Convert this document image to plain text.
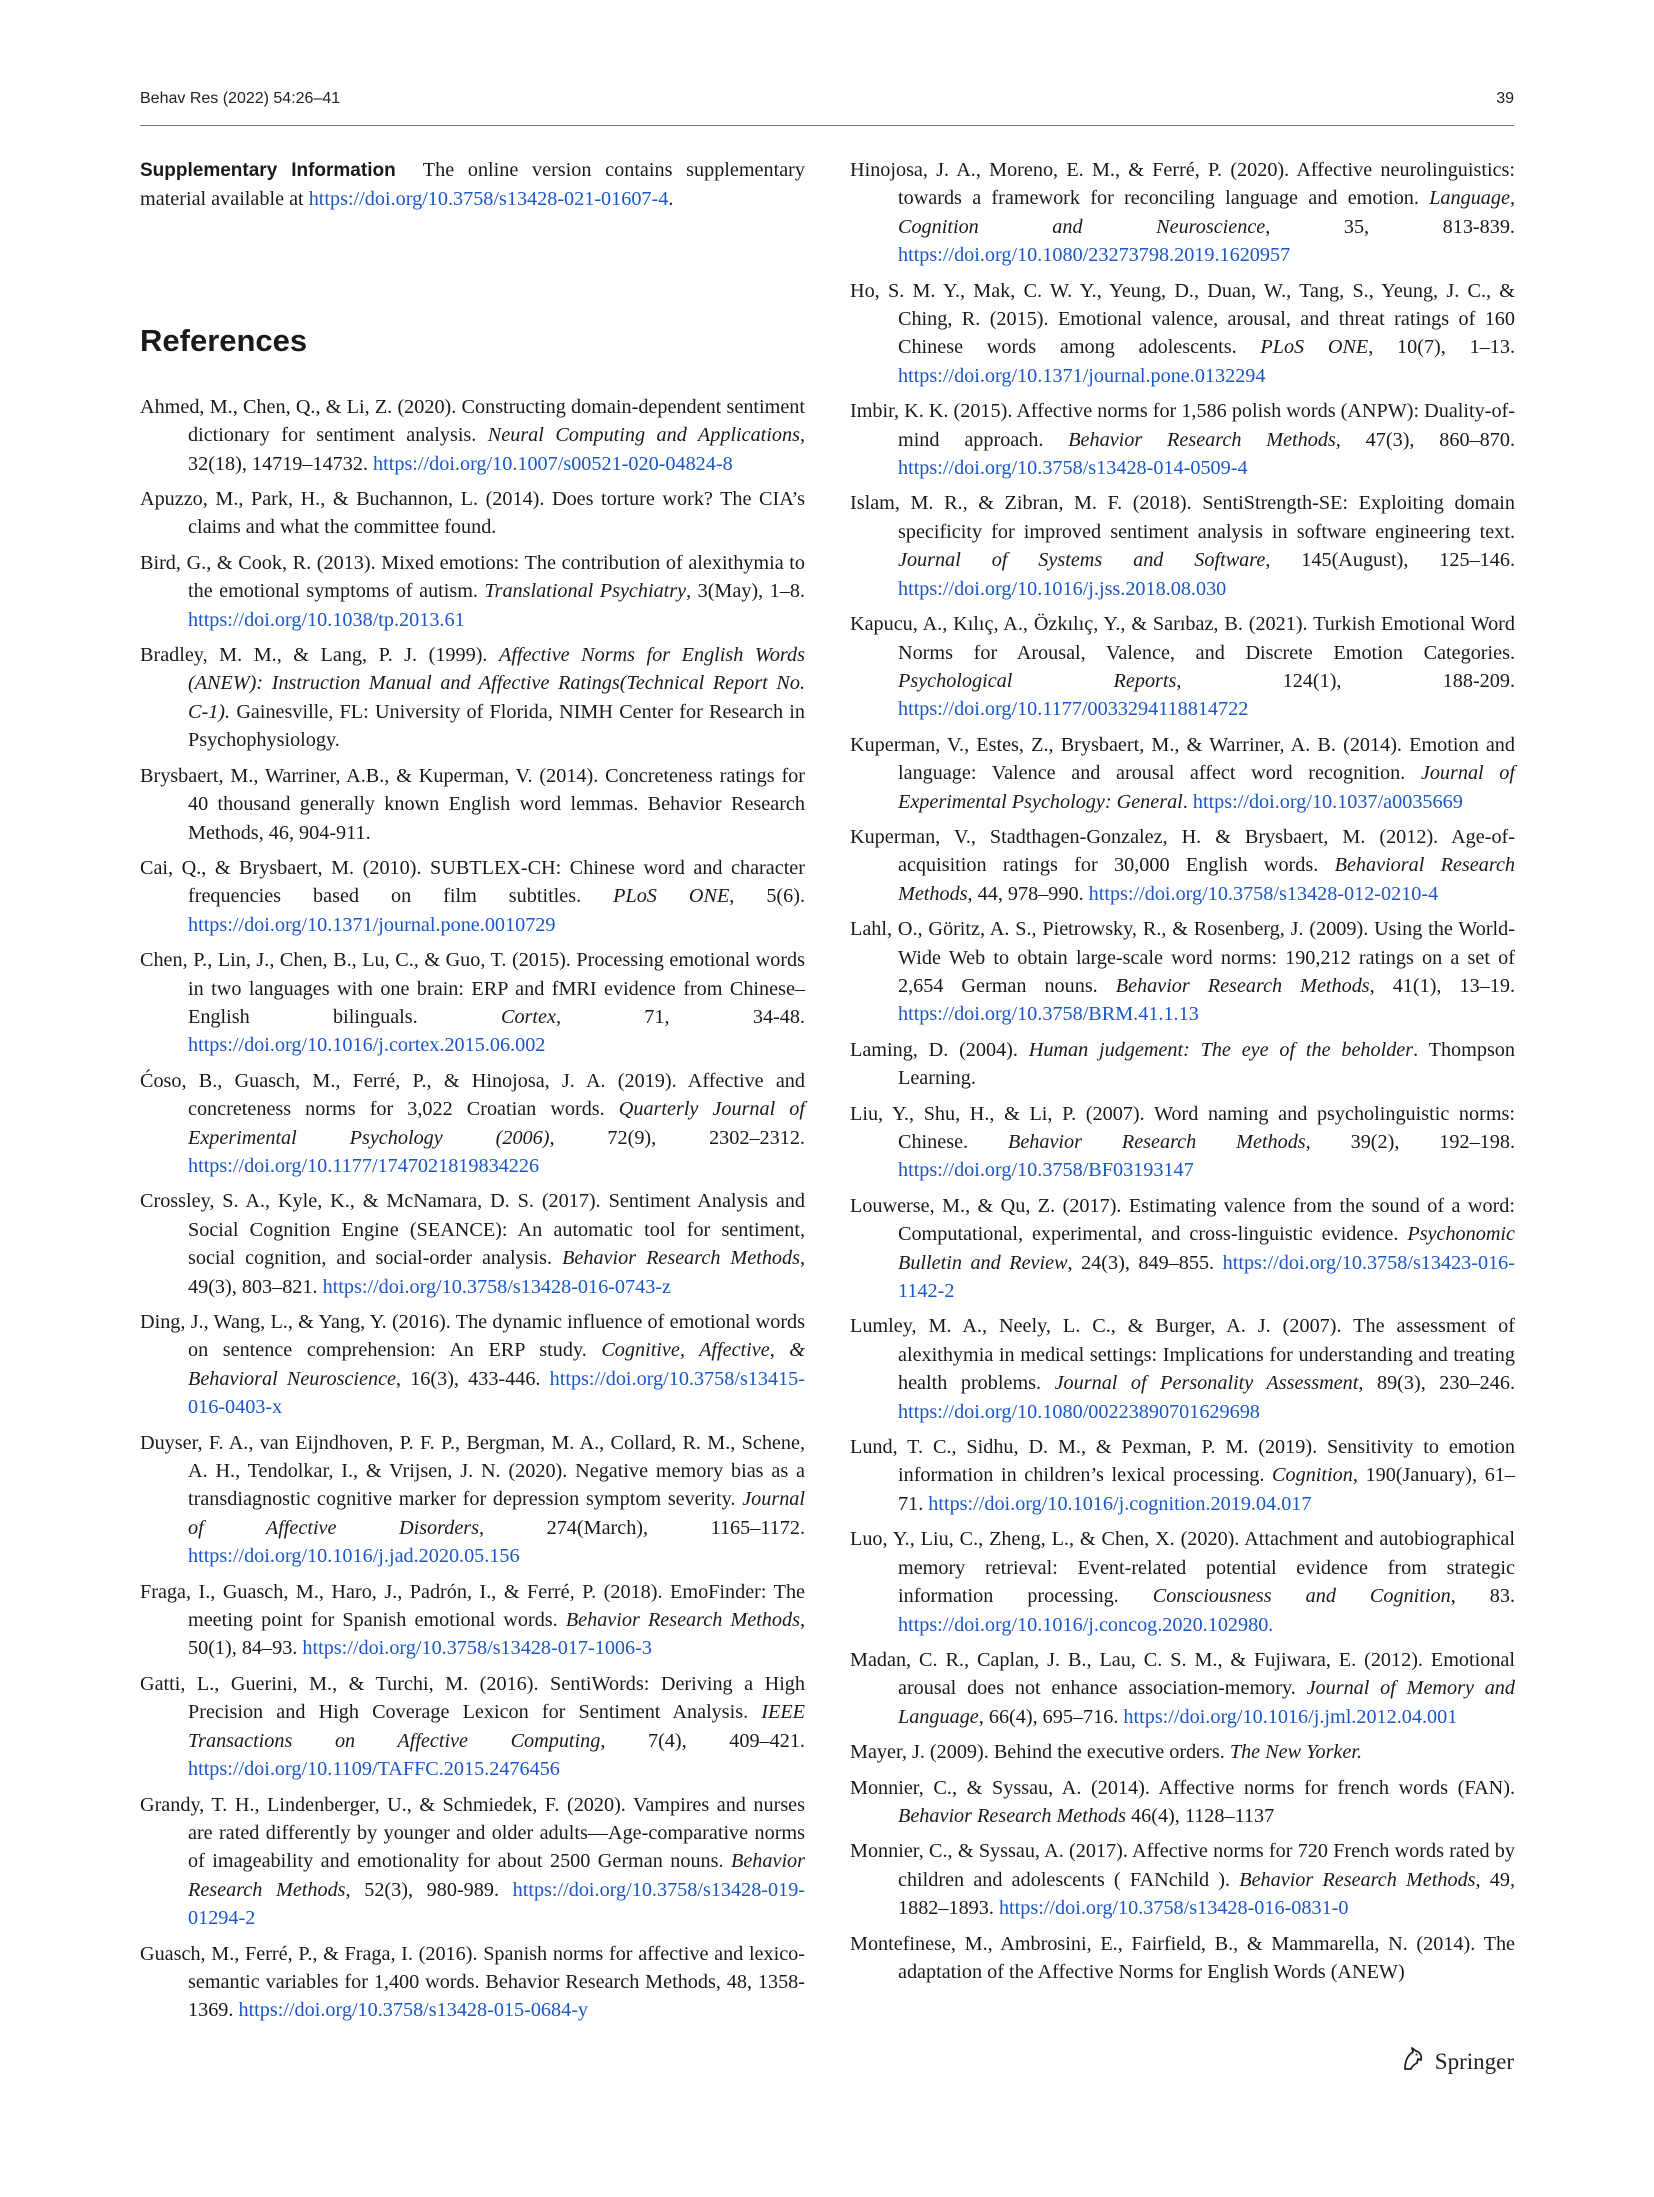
Behav Res (2022) 54:26–41	39

Supplementary Information The online version contains supplementary material available at https://doi.org/10.3758/s13428-021-01607-4.

References

Ahmed, M., Chen, Q., & Li, Z. (2020). Constructing domain-dependent sentiment dictionary for sentiment analysis. Neural Computing and Applications, 32(18), 14719–14732. https://doi.org/10.1007/s00521-020-04824-8

Apuzzo, M., Park, H., & Buchannon, L. (2014). Does torture work? The CIA’s claims and what the committee found.

Bird, G., & Cook, R. (2013). Mixed emotions: The contribution of alexithymia to the emotional symptoms of autism. Translational Psychiatry, 3(May), 1–8. https://doi.org/10.1038/tp.2013.61

Bradley, M. M., & Lang, P. J. (1999). Affective Norms for English Words (ANEW): Instruction Manual and Affective Ratings(Technical Report No. C-1). Gainesville, FL: University of Florida, NIMH Center for Research in Psychophysiology.

Brysbaert, M., Warriner, A.B., & Kuperman, V. (2014). Concreteness ratings for 40 thousand generally known English word lemmas. Behavior Research Methods, 46, 904-911.

Cai, Q., & Brysbaert, M. (2010). SUBTLEX-CH: Chinese word and character frequencies based on film subtitles. PLoS ONE, 5(6). https://doi.org/10.1371/journal.pone.0010729

Chen, P., Lin, J., Chen, B., Lu, C., & Guo, T. (2015). Processing emotional words in two languages with one brain: ERP and fMRI evidence from Chinese–English bilinguals. Cortex, 71, 34-48. https://doi.org/10.1016/j.cortex.2015.06.002

Ćoso, B., Guasch, M., Ferré, P., & Hinojosa, J. A. (2019). Affective and concreteness norms for 3,022 Croatian words. Quarterly Journal of Experimental Psychology (2006), 72(9), 2302–2312. https://doi.org/10.1177/1747021819834226

Crossley, S. A., Kyle, K., & McNamara, D. S. (2017). Sentiment Analysis and Social Cognition Engine (SEANCE): An automatic tool for sentiment, social cognition, and social-order analysis. Behavior Research Methods, 49(3), 803–821. https://doi.org/10.3758/s13428-016-0743-z

Ding, J., Wang, L., & Yang, Y. (2016). The dynamic influence of emotional words on sentence comprehension: An ERP study. Cognitive, Affective, & Behavioral Neuroscience, 16(3), 433-446. https://doi.org/10.3758/s13415-016-0403-x

Duyser, F. A., van Eijndhoven, P. F. P., Bergman, M. A., Collard, R. M., Schene, A. H., Tendolkar, I., & Vrijsen, J. N. (2020). Negative memory bias as a transdiagnostic cognitive marker for depression symptom severity. Journal of Affective Disorders, 274(March), 1165–1172. https://doi.org/10.1016/j.jad.2020.05.156

Fraga, I., Guasch, M., Haro, J., Padrón, I., & Ferré, P. (2018). EmoFinder: The meeting point for Spanish emotional words. Behavior Research Methods, 50(1), 84–93. https://doi.org/10.3758/s13428-017-1006-3

Gatti, L., Guerini, M., & Turchi, M. (2016). SentiWords: Deriving a High Precision and High Coverage Lexicon for Sentiment Analysis. IEEE Transactions on Affective Computing, 7(4), 409–421. https://doi.org/10.1109/TAFFC.2015.2476456

Grandy, T. H., Lindenberger, U., & Schmiedek, F. (2020). Vampires and nurses are rated differently by younger and older adults—Age-comparative norms of imageability and emotionality for about 2500 German nouns. Behavior Research Methods, 52(3), 980-989. https://doi.org/10.3758/s13428-019-01294-2

Guasch, M., Ferré, P., & Fraga, I. (2016). Spanish norms for affective and lexico-semantic variables for 1,400 words. Behavior Research Methods, 48, 1358-1369. https://doi.org/10.3758/s13428-015-0684-y

Hinojosa, J. A., Moreno, E. M., & Ferré, P. (2020). Affective neurolinguistics: towards a framework for reconciling language and emotion. Language, Cognition and Neuroscience, 35, 813-839. https://doi.org/10.1080/23273798.2019.1620957

Ho, S. M. Y., Mak, C. W. Y., Yeung, D., Duan, W., Tang, S., Yeung, J. C., & Ching, R. (2015). Emotional valence, arousal, and threat ratings of 160 Chinese words among adolescents. PLoS ONE, 10(7), 1–13. https://doi.org/10.1371/journal.pone.0132294

Imbir, K. K. (2015). Affective norms for 1,586 polish words (ANPW): Duality-of-mind approach. Behavior Research Methods, 47(3), 860–870. https://doi.org/10.3758/s13428-014-0509-4

Islam, M. R., & Zibran, M. F. (2018). SentiStrength-SE: Exploiting domain specificity for improved sentiment analysis in software engineering text. Journal of Systems and Software, 145(August), 125–146. https://doi.org/10.1016/j.jss.2018.08.030

Kapucu, A., Kılıç, A., Özkılıç, Y., & Sarıbaz, B. (2021). Turkish Emotional Word Norms for Arousal, Valence, and Discrete Emotion Categories. Psychological Reports, 124(1), 188-209. https://doi.org/10.1177/0033294118814722

Kuperman, V., Estes, Z., Brysbaert, M., & Warriner, A. B. (2014). Emotion and language: Valence and arousal affect word recognition. Journal of Experimental Psychology: General. https://doi.org/10.1037/a0035669

Kuperman, V., Stadthagen-Gonzalez, H. & Brysbaert, M. (2012). Age-of-acquisition ratings for 30,000 English words. Behavioral Research Methods, 44, 978–990. https://doi.org/10.3758/s13428-012-0210-4

Lahl, O., Göritz, A. S., Pietrowsky, R., & Rosenberg, J. (2009). Using the World-Wide Web to obtain large-scale word norms: 190,212 ratings on a set of 2,654 German nouns. Behavior Research Methods, 41(1), 13–19. https://doi.org/10.3758/BRM.41.1.13

Laming, D. (2004). Human judgement: The eye of the beholder. Thompson Learning.

Liu, Y., Shu, H., & Li, P. (2007). Word naming and psycholinguistic norms: Chinese. Behavior Research Methods, 39(2), 192–198. https://doi.org/10.3758/BF03193147

Louwerse, M., & Qu, Z. (2017). Estimating valence from the sound of a word: Computational, experimental, and cross-linguistic evidence. Psychonomic Bulletin and Review, 24(3), 849–855. https://doi.org/10.3758/s13423-016-1142-2

Lumley, M. A., Neely, L. C., & Burger, A. J. (2007). The assessment of alexithymia in medical settings: Implications for understanding and treating health problems. Journal of Personality Assessment, 89(3), 230–246. https://doi.org/10.1080/00223890701629698

Lund, T. C., Sidhu, D. M., & Pexman, P. M. (2019). Sensitivity to emotion information in children’s lexical processing. Cognition, 190(January), 61–71. https://doi.org/10.1016/j.cognition.2019.04.017

Luo, Y., Liu, C., Zheng, L., & Chen, X. (2020). Attachment and autobiographical memory retrieval: Event-related potential evidence from strategic information processing. Consciousness and Cognition, 83. https://doi.org/10.1016/j.concog.2020.102980.

Madan, C. R., Caplan, J. B., Lau, C. S. M., & Fujiwara, E. (2012). Emotional arousal does not enhance association-memory. Journal of Memory and Language, 66(4), 695–716. https://doi.org/10.1016/j.jml.2012.04.001

Mayer, J. (2009). Behind the executive orders. The New Yorker.

Monnier, C., & Syssau, A. (2014). Affective norms for french words (FAN). Behavior Research Methods 46(4), 1128–1137

Monnier, C., & Syssau, A. (2017). Affective norms for 720 French words rated by children and adolescents ( FANchild ). Behavior Research Methods, 49, 1882–1893. https://doi.org/10.3758/s13428-016-0831-0

Montefinese, M., Ambrosini, E., Fairfield, B., & Mammarella, N. (2014). The adaptation of the Affective Norms for English Words (ANEW)

Springer
